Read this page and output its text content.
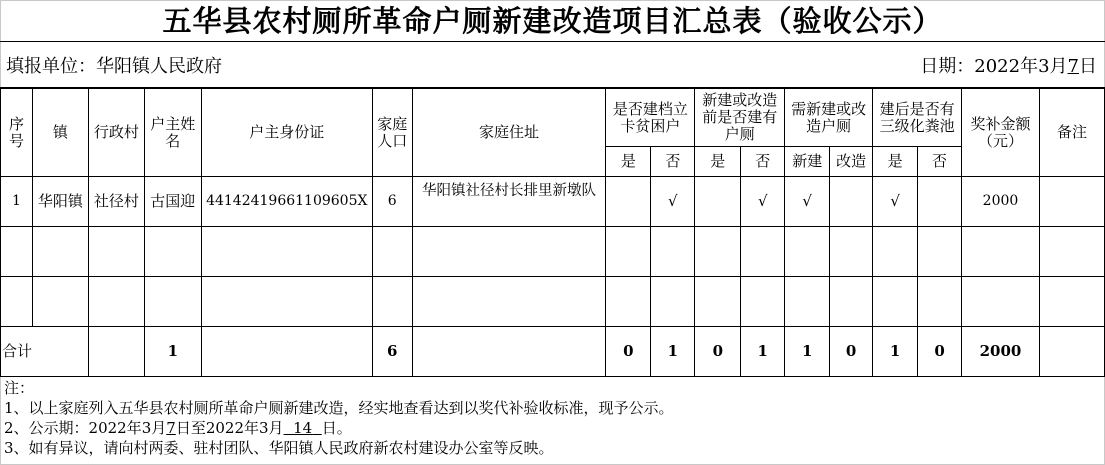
五华县农村厕所革命户厕新建改造项目汇总表（验收公示）
填报单位：华阳镇人民政府	日期：2022年3月7日
序号	镇	行政村	户主姓名	户主身份证	家庭人口	家庭住址	是否建档立卡贫困户		新建或改造前是否建有户厕		需新建或改造户厕		建后是否有三级化粪池		奖补金额（元）	备注
							是	否	是	否	新建	改造	是	否		
1	华阳镇	社径村	古国迎	44142419661109605X	6	华阳镇社径村长排里新墩队		√		√	√		√		2000	

合计			1		6		0	1	0	1	1	0	1	0	2000	
注：
1、以上家庭列入五华县农村厕所革命户厕新建改造，经实地查看达到以奖代补验收标准，现予公示。
2、公示期：2022年3月7日至2022年3月 14 日。
3、如有异议，请向村两委、驻村团队、华阳镇人民政府新农村建设办公室等反映。
